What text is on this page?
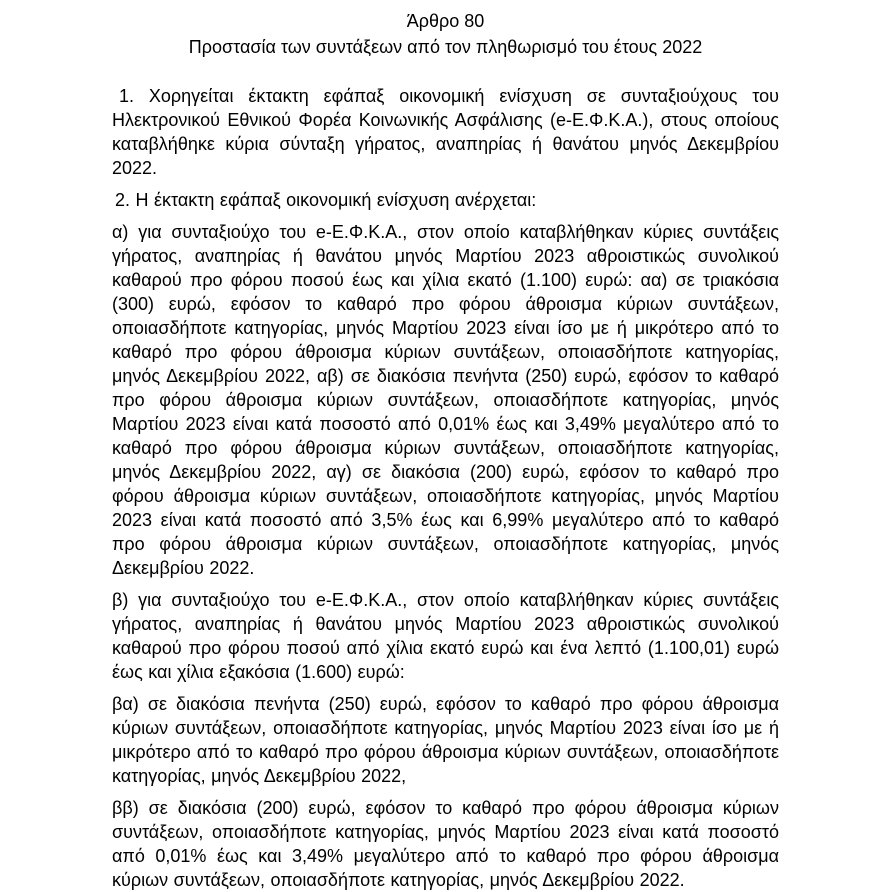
Άρθρο 80
Προστασία των συντάξεων από τον πληθωρισμό του έτους 2022

1. Χορηγείται έκτακτη εφάπαξ οικονομική ενίσχυση σε συνταξιούχους του Ηλεκτρονικού Εθνικού Φορέα Κοινωνικής Ασφάλισης (e-Ε.Φ.Κ.Α.), στους οποίους καταβλήθηκε κύρια σύνταξη γήρατος, αναπηρίας ή θανάτου μηνός Δεκεμβρίου 2022.

2. Η έκτακτη εφάπαξ οικονομική ενίσχυση ανέρχεται:

α) για συνταξιούχο του e-Ε.Φ.Κ.Α., στον οποίο καταβλήθηκαν κύριες συντάξεις γήρατος, αναπηρίας ή θανάτου μηνός Μαρτίου 2023 αθροιστικώς συνολικού καθαρού προ φόρου ποσού έως και χίλια εκατό (1.100) ευρώ: αα) σε τριακόσια (300) ευρώ, εφόσον το καθαρό προ φόρου άθροισμα κύριων συντάξεων, οποιασδήποτε κατηγορίας, μηνός Μαρτίου 2023 είναι ίσο με ή μικρότερο από το καθαρό προ φόρου άθροισμα κύριων συντάξεων, οποιασδήποτε κατηγορίας, μηνός Δεκεμβρίου 2022, αβ) σε διακόσια πενήντα (250) ευρώ, εφόσον το καθαρό προ φόρου άθροισμα κύριων συντάξεων, οποιασδήποτε κατηγορίας, μηνός Μαρτίου 2023 είναι κατά ποσοστό από 0,01% έως και 3,49% μεγαλύτερο από το καθαρό προ φόρου άθροισμα κύριων συντάξεων, οποιασδήποτε κατηγορίας, μηνός Δεκεμβρίου 2022, αγ) σε διακόσια (200) ευρώ, εφόσον το καθαρό προ φόρου άθροισμα κύριων συντάξεων, οποιασδήποτε κατηγορίας, μηνός Μαρτίου 2023 είναι κατά ποσοστό από 3,5% έως και 6,99% μεγαλύτερο από το καθαρό προ φόρου άθροισμα κύριων συντάξεων, οποιασδήποτε κατηγορίας, μηνός Δεκεμβρίου 2022.

β) για συνταξιούχο του e-Ε.Φ.Κ.Α., στον οποίο καταβλήθηκαν κύριες συντάξεις γήρατος, αναπηρίας ή θανάτου μηνός Μαρτίου 2023 αθροιστικώς συνολικού καθαρού προ φόρου ποσού από χίλια εκατό ευρώ και ένα λεπτό (1.100,01) ευρώ έως και χίλια εξακόσια (1.600) ευρώ:

βα) σε διακόσια πενήντα (250) ευρώ, εφόσον το καθαρό προ φόρου άθροισμα κύριων συντάξεων, οποιασδήποτε κατηγορίας, μηνός Μαρτίου 2023 είναι ίσο με ή μικρότερο από το καθαρό προ φόρου άθροισμα κύριων συντάξεων, οποιασδήποτε κατηγορίας, μηνός Δεκεμβρίου 2022,

ββ) σε διακόσια (200) ευρώ, εφόσον το καθαρό προ φόρου άθροισμα κύριων συντάξεων, οποιασδήποτε κατηγορίας, μηνός Μαρτίου 2023 είναι κατά ποσοστό από 0,01% έως και 3,49% μεγαλύτερο από το καθαρό προ φόρου άθροισμα κύριων συντάξεων, οποιασδήποτε κατηγορίας, μηνός Δεκεμβρίου 2022.
